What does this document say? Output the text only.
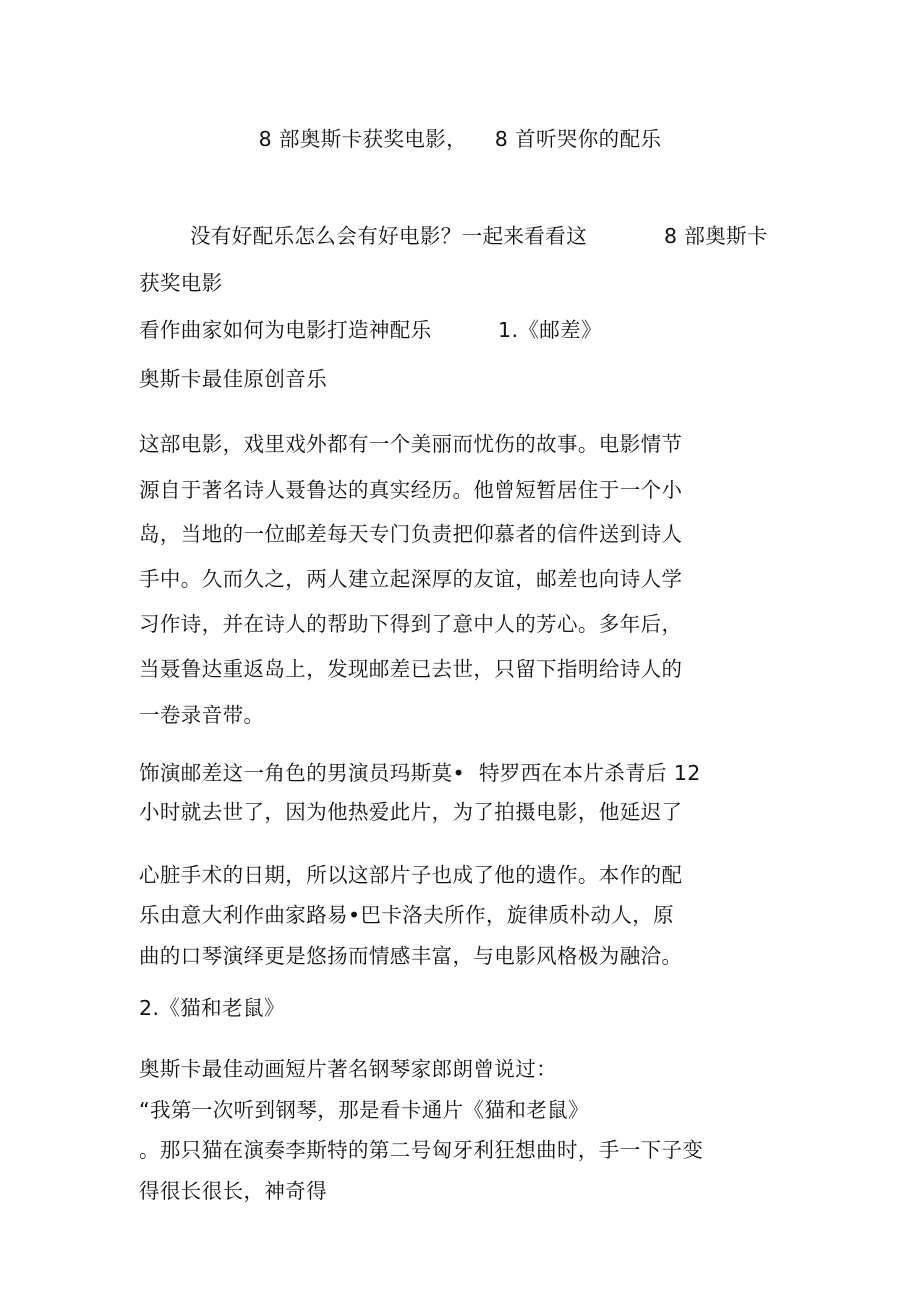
8 部奥斯卡获奖电影，    8 首听哭你的配乐
没有好配乐怎么会有好电影？一起来看看这	8 部奥斯卡
获奖电影
看作曲家如何为电影打造神配乐	1.《邮差》
奥斯卡最佳原创音乐
这部电影，戏里戏外都有一个美丽而忧伤的故事。电影情节
源自于著名诗人聂鲁达的真实经历。他曾短暂居住于一个小
岛，当地的一位邮差每天专门负责把仰慕者的信件送到诗人
手中。久而久之，两人建立起深厚的友谊，邮差也向诗人学
习作诗，并在诗人的帮助下得到了意中人的芳心。多年后，
当聂鲁达重返岛上，发现邮差已去世，只留下指明给诗人的
一卷录音带。
饰演邮差这一角色的男演员玛斯莫•  特罗西在本片杀青后 12
小时就去世了，因为他热爱此片，为了拍摄电影，他延迟了
心脏手术的日期，所以这部片子也成了他的遗作。本作的配
乐由意大利作曲家路易•巴卡洛夫所作，旋律质朴动人，原
曲的口琴演绎更是悠扬而情感丰富，与电影风格极为融洽。
2.《猫和老鼠》
奥斯卡最佳动画短片著名钢琴家郎朗曾说过：
“我第一次听到钢琴，那是看卡通片《猫和老鼠》
。那只猫在演奏李斯特的第二号匈牙利狂想曲时，手一下子变
得很长很长，神奇得
